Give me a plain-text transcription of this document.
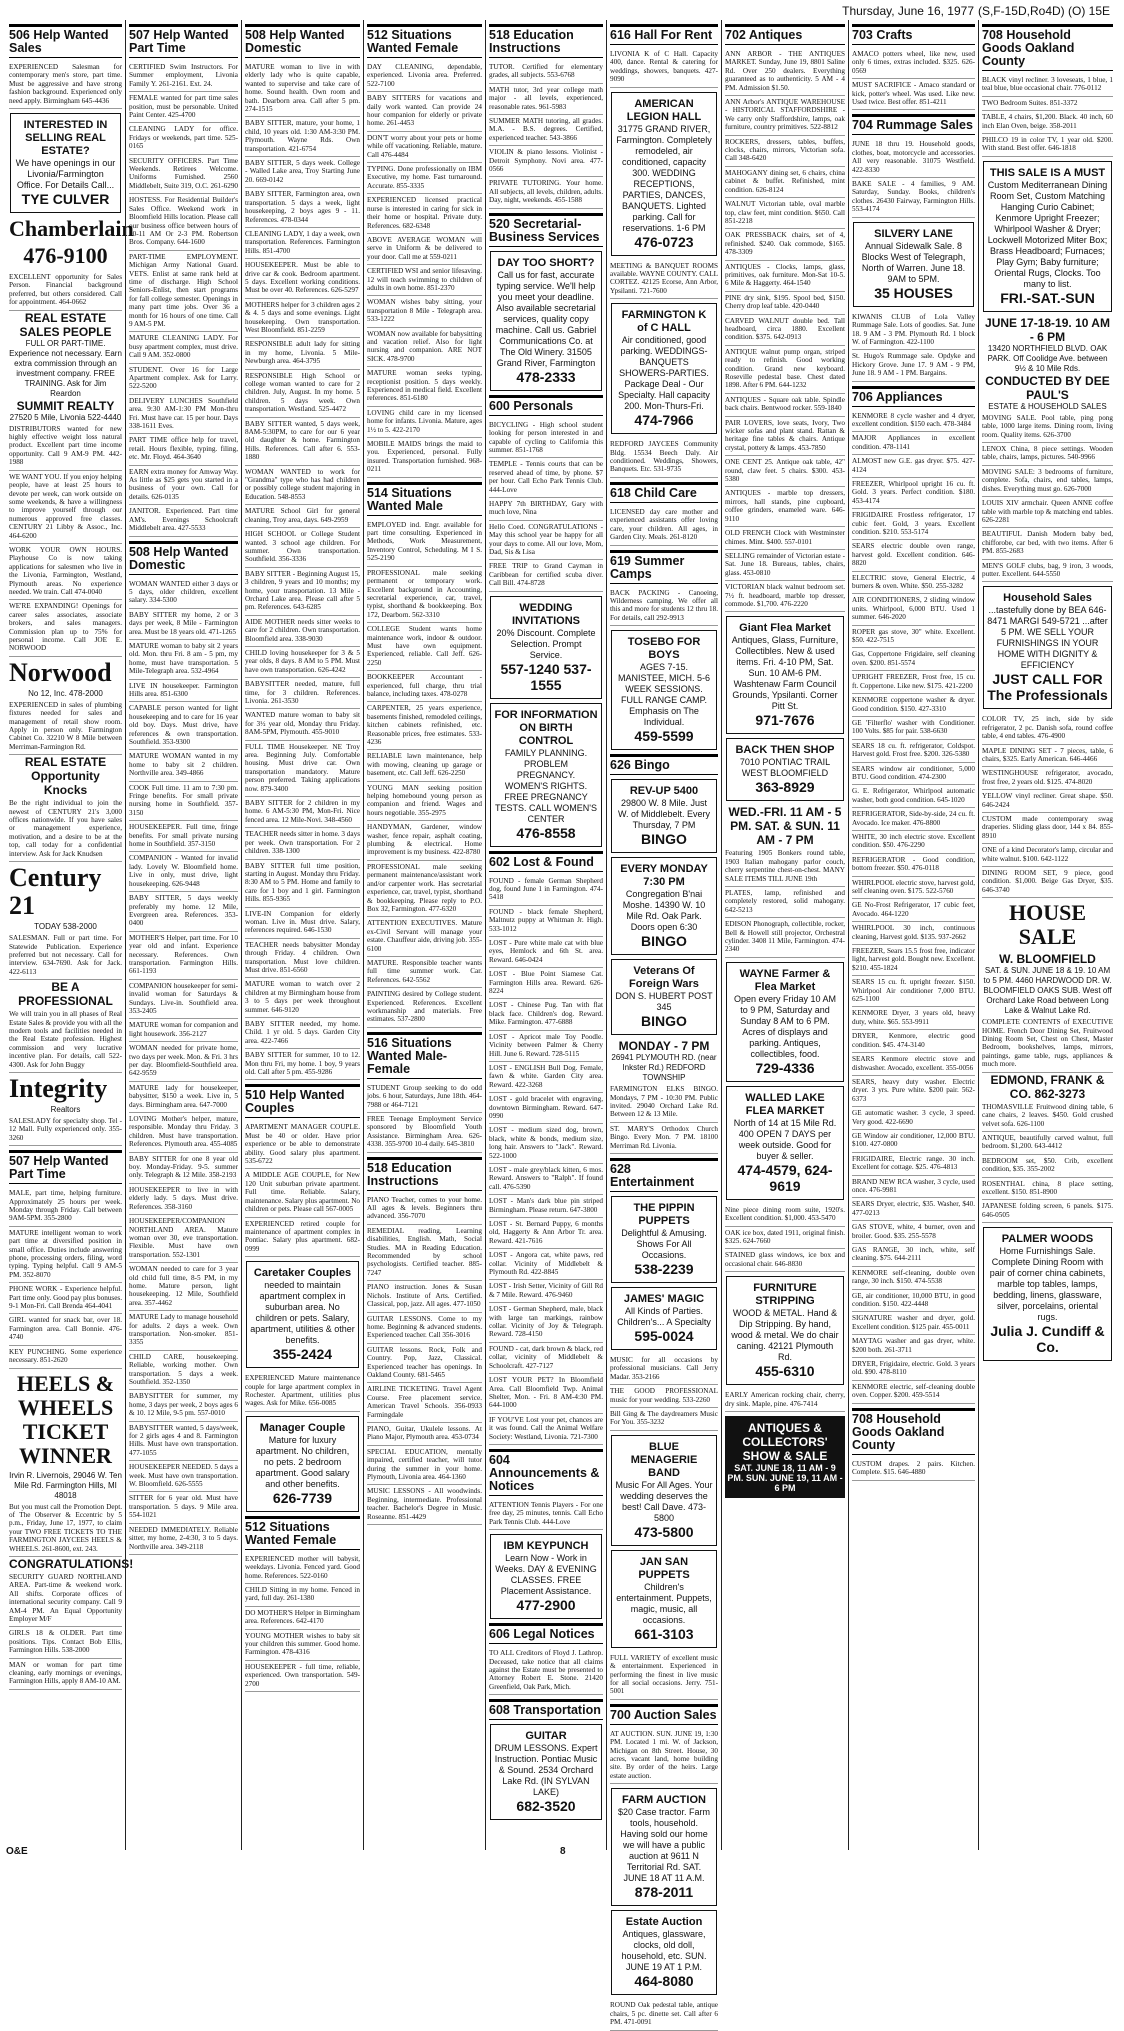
Thursday, June 16, 1977 (S,F-15D,Ro4D) (O) 15E
506 Help Wanted Sales
EXPERIENCED Salesman for contemporary men's store, part time. Must be aggressive and have strong fashion background. Experienced only need apply. Birmingham 645-4436
INTERESTED IN SELLING REAL ESTATE?
We have openings in our Livonia/Farmington Office. For Details Call...
TYE CULVER
Chamberlain
476-9100
EXCELLENT opportunity for Sales Person. Financial background preferred, but others considered. Call for appointment. 464-0662
REAL ESTATE SALES PEOPLE
FULL OR PART-TIME. Experience not necessary. Earn extra commission through an investment company. FREE TRAINING. Ask for Jim Reardon
SUMMIT REALTY
27520 5 Mile, Livonia 522-4440
DISTRIBUTORS wanted for new highly effective weight loss natural product. Excellent part time income opportunity. Call 9 AM-9 PM. 442-1988
WE WANT YOU. If you enjoy helping people, have at least 25 hours to devote per week, can work outside on some weekends, & have a willingness to improve yourself through our numerous approved free classes. CENTURY 21 Libby & Assoc., Inc. 464-6200
WORK YOUR OWN HOURS. Playhouse Co is now taking applications for salesmen who live in the Livonia, Farmington, Westland, Plymouth areas. No experience needed. We train. Call 474-0040
WE'RE EXPANDING! Openings for career sales associates, associate brokers, and sales managers. Commission plan up to 75% for personal income. Call JOE E. NORWOOD
Norwood
No 12, Inc. 478-2000
EXPERIENCED in sales of plumbing fixtures needed for sales and management of retail show room. Apply in person only. Farmington Cabinet Co. 32210 W 8 Mile between Merriman-Farmington Rd.
REAL ESTATE Opportunity Knocks
Be the right individual to join the newest of CENTURY 21's 3,000 offices nationwide. If you have sales or management experience, motivation, and a desire to be at the top, call today for a confidential interview. Ask for Jack Knudsen
Century 21
TODAY 538-2000
SALESMAN. Full or part time. For Statewide Publication. Experience preferred but not necessary. Call for interview. 634-7690. Ask for Jack. 422-6113
BE A PROFESSIONAL
We will train you in all phases of Real Estate Sales & provide you with all the modern tools and facilities needed in the Real Estate profession. Highest commission and very lucrative incentive plan. For details, call 522-4300. Ask for John Buggy
Integrity
Realtors
SALESLADY for specialty shop. Tel - 12 Mall. Fully experienced only. 355-3260
507 Help Wanted Part Time
MALE, part time, helping furniture. Approximately 25 hours per week. Monday through Friday. Call between 9AM-5PM. 355-2800
MATURE intelligent woman to work part time at diversified position in small office. Duties include answering phone, processing orders, filing, word typing. Typing helpful. Call 9 AM-5 PM. 352-8070
PHONE WORK - Experience helpful. Part time only. Good pay plus bonuses. 9-1 Mon-Fri. Call Brenda 464-4041
GIRL wanted for snack bar, over 18. Farmington area. Call Bonnie. 476-4740
KEY PUNCHING. Some experience necessary. 851-2620
HEELS & WHEELS TICKET WINNER
Irvin R. Livernois, 29046 W. Ten Mile Rd. Farmington Hills, MI 48018
But you must call the Promotion Dept. of The Observer & Eccentric by 5 p.m., Friday, June 17, 1977, to claim your TWO FREE TICKETS TO THE FARMINGTON JAYCEES HEELS & WHEELS. 261-8600, ext. 243.
CONGRATULATIONS!
SECURITY GUARD NORTHLAND AREA. Part-time & weekend work. All shifts. Corporate offices of international security company. Call 9 AM-4 PM. An Equal Opportunity Employer M/F
GIRLS 18 & OLDER. Part time positions. Tips. Contact Bob Ellis, Farmington Hills. 538-2000
MAN or woman for part time cleaning, early mornings or evenings, Farmington Hills, apply 8 AM-10 AM.
507 Help Wanted Part Time
CERTIFIED Swim Instructors. For Summer employment, Livonia Family Y. 261-2161. Ext. 24.
FEMALE wanted for part time sales position, must be personable. United Paint Center. 425-4700
CLEANING LADY for office. Fridays or weekends, part time. 525-0165
SECURITY OFFICERS. Part Time Weekends. Retirees Welcome. Uniforms Furnished. 2560 Middlebelt, Suite 319, O.C. 261-6290
HOSTESS. For Residential Builder's Sales Office. Weekend work in Bloomfield Hills location. Please call our business office between hours of 10-11 AM Or 2-3 PM. Robertson Bros. Company. 644-1600
PART-TIME EMPLOYMENT. Michigan Army National Guard. VETS. Enlist at same rank held at time of discharge. High School Seniors-Enlist, then start programs for fall college semester. Openings in many part time jobs. Over 36 a month for 16 hours of one time. Call 9 AM-5 PM.
MATURE CLEANING LADY. For busy apartment complex, must drive. Call 9 AM. 352-0800
STUDENT. Over 16 for Large Apartment complex. Ask for Larry. 522-5200
DELIVERY LUNCHES Southfield area. 9:30 AM-1:30 PM Mon-thru Fri. Must have car. 15 per hour. Days 338-1611 Eves.
PART TIME office help for travel, retail. Hours flexible, typing. filing, etc. Mr. Floyd. 464-3640
EARN extra money for Amway Way. As little as $25 gets you started in a business of your own. Call for details. 626-0135
JANITOR. Experienced. Part time AM's. Evenings Schoolcraft Middlebelt area. 427-5533
508 Help Wanted Domestic
WOMAN WANTED either 3 days or 5 days, older children, excellent salary. 334-5300
BABY SITTER my home, 2 or 3 days per week, 8 Mile - Farmington area. Must be 18 years old. 471-1265
MATURE woman to baby sit 2 years old. Mon. thru Fri. 8 am - 5 pm, my home, must have transportation. 5 Mile-Telegraph area. 532-4964
LIVE IN housekeeper. Farmington Hills area. 851-6300
CAPABLE person wanted for light housekeeping and to care for 16 year old boy. Days. Must drive, have references & own transportation. Southfield. 353-9300
MATURE WOMAN wanted in my home to baby sit 2 children. Northville area. 349-4866
COOK Full time. 11 am to 7:30 pm. Fringe benefits. For small private nursing home in Southfield. 357-3150
HOUSEKEEPER. Full time, fringe benefits. For small private nursing home in Southfield. 357-3150
COMPANION - Wanted for invalid lady. Lovely W. Bloomfield home. Live in only, must drive, light housekeeping. 626-9448
BABY SITTER, 5 days weekly preferably my home. 12 Mile, Evergreen area. References. 353-0400
MOTHER'S Helper, part time. For 10 year old and infant. Experience necessary. References. Own transportation. Farmington Hills. 661-1193
COMPANION housekeeper for semi-invalid woman for Saturdays & Sundays. Live-in. Southfield area. 353-2405
MATURE woman for companion and light housework. 356-2127
WOMAN needed for private home, two days per week. Mon. & Fri. 3 hrs per day. Bloomfield-Southfield area. 642-9559
MATURE lady for housekeeper, babysitter, $150 a week. Live in, 5 days. Birmingham area. 647-7000
LOVING Mother's helper, mature, responsible. Monday thru Friday. 3 children. Must have transportation. References. Plymouth area. 455-4085
BABY SITTER for one 8 year old boy. Monday-Friday. 9-5. summer only. Telegraph & 12 Mile. 358-2193
HOUSEKEEPER to live in with elderly lady. 5 days. Must drive. References. 358-3160
HOUSEKEEPER/COMPANION NORTHLAND AREA. Mature woman over 30, eve transportation. Flexible. Must have own transportation. 552-1301
WOMAN needed to care for 3 year old child full time, 8-5 PM, in my home. Mature person, light housekeeping. 12 Mile, Southfield area. 357-4462
MATURE Lady to manage household for adults. 2 days a week. Own transportation. Non-smoker. 851-3355
CHILD CARE, housekeeping. Reliable, working mother. Own transportation. 5 days a week. Southfield. 352-1350
BABYSITTER for summer, my home, 3 days per week, 2 boys ages 6 & 10. 12 Mile, 9-5 pm. 557-0010
BABYSITTER wanted, 5 days/week, for 2 girls ages 4 and 8. Farmington Hills. Must have own transportation. 477-1055
HOUSEKEEPER NEEDED. 5 days a week. Must have own transportation. W. Bloomfield. 626-5555
SITTER for 6 year old. Must have transportation. 5 days. 9 Mile area. 554-1021
NEEDED IMMEDIATELY. Reliable sitter, my home, 2-4:30, 3 to 5 days. Northville area. 349-2118
508 Help Wanted Domestic
MATURE woman to live in with elderly lady who is quite capable, wanted to supervise and take care of home. Sound health. Own room and bath. Dearborn area. Call after 5 pm. 274-1515
BABY SITTER, mature, your home, 1 child, 10 years old. 1:30 AM-3:30 PM. Plymouth. Wayne Rds. Own transportation. 421-6754
BABY SITTER, 5 days week. College - Walled Lake area, Troy Starting June 20. 669-0142
BABY SITTER, Farmington area, own transportation. 5 days a week, light housekeeping, 2 boys ages 9 - 11. References. 478-0344
CLEANING LADY, 1 day a week, own transportation. References. Farmington Hills. 851-4700
HOUSEKEEPER. Must be able to drive car & cook. Bedroom apartment. 5 days. Excellent working conditions. Must be over 40. References. 626-5297
MOTHERS helper for 3 children ages 2 & 4. 5 days and some evenings. Light housekeeping. Own transportation. West Bloomfield. 851-2259
RESPONSIBLE adult lady for sitting in my home, Livonia. 5 Mile-Newburgh area. 464-3795
RESPONSIBLE High School or college woman wanted to care for 2 children. July, August. In my home. 5 children. 5 days week. Own transportation. Westland. 525-4472
BABY SITTER wanted, 5 days week, 8AM-5:30PM, to care for our 6 year old daughter & home. Farmington Hills. References. Call after 6. 553-1880
WOMAN WANTED to work for "Grandma" type who has had children or possibly college student majoring in Education. 548-8553
MATURE School Girl for general cleaning, Troy area, days. 649-2959
HIGH SCHOOL or College Student wanted. 3 school age children. For summer. Own transportation. Southfield. 356-3336
BABY SITTER - Beginning August 15, 3 children, 9 years and 10 months; my home, your transportation. 13 Mile - Orchard Lake area. Please call after 5 pm. References. 643-6285
AIDE MOTHER needs sitter weeks to care for 2 children. Own transportation. Bloomfield area. 338-9030
CHILD loving housekeeper for 3 & 5 year olds, 8 days. 8 AM to 5 PM. Must have own transportation. 626-4242
BABYSITTER needed, mature, full time, for 3 children. References. Livonia. 261-3530
WANTED mature woman to baby sit for 3½ year old, Monday thru Friday. 8AM-5PM, Plymouth. 455-9010
FULL TIME Housekeeper. NE Troy area. Beginning July. Comfortable housing. Must drive car. Own transportation mandatory. Mature person preferred. Taking applications now. 879-3400
BABY SITTER for 2 children in my home. 6 AM-5:30 PM, Mon-Fri. Nice fenced area. 12 Mile-Novi. 348-4560
TEACHER needs sitter in home. 3 days per week. Own transportation. For 2 children. 338-1300
BABY SITTER full time position, starting in August. Monday thru Friday. 8:30 AM to 5 PM. Home and family to care for 1 boy and 1 girl. Farmington Hills. 855-9365
LIVE-IN Companion for elderly woman. Live in. Must drive. Salary, references required. 646-1530
TEACHER needs babysitter Monday through Friday. 4 children. Own transportation. Must love children. Must drive. 851-6560
MATURE woman to watch over 2 children at my Birmingham house from 3 to 5 days per week throughout summer. 646-9120
BABY SITTER needed, my home. Child. 1 yr old. 5 days. Garden City area. 422-7466
BABY SITTER for summer, 10 to 12. Mon thru Fri, my home. 1 boy, 9 years old. Call after 5 pm. 455-9286
510 Help Wanted Couples
APARTMENT MANAGER COUPLE. Must be 40 or older. Have prior experience or be able to demonstrate ability. Good salary plus apartment. 535-6722
A MIDDLE AGE COUPLE, for New 120 Unit suburban private apartment. Full time. Reliable. Salary, maintenance. Salary plus apartment. No children or pets. Please call 567-0005
EXPERIENCED retired couple for maintenance of apartment complex in Pontiac. Salary plus apartment. 682-0999
Caretaker Couples
needed to maintain apartment complex in suburban area. No children or pets. Salary, apartment, utilities & other benefits.
355-2424
EXPERIENCED Mature maintenance couple for large apartment complex in Rochester. Apartment, utilities plus wages. Ask for Mike. 656-0085
Manager Couple
Mature for luxury apartment. No children, no pets. 2 bedroom apartment. Good salary and other benefits.
626-7739
512 Situations Wanted Female
EXPERIENCED mother will babysit, weekdays. Livonia. Fenced yard. Good home. References. 522-0160
CHILD Sitting in my home. Fenced in yard, full day. 261-1380
DO MOTHER'S Helper in Birmingham area. References. 642-4170
YOUNG MOTHER wishes to baby sit your children this summer. Good home. Farmington. 478-4316
HOUSEKEEPER - full time, reliable, experienced. Own transportation. 549-2700
512 Situations Wanted Female
DAY CLEANING, dependable, experienced. Livonia area. Preferred. 522-7100
BABY SITTERS for vacations and daily work wanted. Can provide 24 hour companion for elderly or private home. 261-4453
DON'T worry about your pets or home while off vacationing. Reliable, mature. Call 476-4484
TYPING. Done professionally on IBM Executive, my home. Fast turnaround. Accurate. 855-3335
EXPERIENCED licensed practical nurse is interested in caring for sick in their home or hospital. Private duty. References. 682-6348
ABOVE AVERAGE WOMAN will serve in Uniform & be delivered to your door. Call me at 559-0211
CERTIFIED WSI and senior lifesaving. 12 will teach swimming to children of adults in own home. 851-2370
WOMAN wishes baby sitting, your transportation 8 Mile - Telegraph area. 533-1222
WOMAN now available for babysitting and vacation relief. Also for light nursing and companion. ARE NOT SICK. 478-9700
MATURE woman seeks typing, receptionist position. 5 days weekly. Experienced in medical field. Excellent references. 851-6180
LOVING child care in my licensed home for infants. Livonia. Mature, ages 1½ to 5. 422-2170
MOBILE MAIDS brings the maid to you. Experienced, personal. Fully insured. Transportation furnished. 968-0211
514 Situations Wanted Male
EMPLOYED ind. Engr. available for part time consulting. Experienced in Methods, Work Measurement, Inventory Control, Scheduling. M I S. 525-2190
PROFESSIONAL male seeking permanent or temporary work. Excellent background in Accounting, secretarial experience, car, travel, typist, shorthand & bookkeeping. Box 172, Dearborn. 562-3310
COLLEGE Student wants home maintenance work, indoor & outdoor. Must have own equipment. Experienced, reliable. Call Jeff. 626-2250
BOOKKEEPER Accountant - experienced, full charge, thru trial balance, including taxes. 478-0278
CARPENTER, 25 years experience, basements finished, remodeled ceilings, kitchen cabinets refinished, etc. Reasonable prices, free estimates. 533-4236
RELIABLE lawn maintenance, help with mowing, cleaning up garage or basement, etc. Call Jeff. 626-2250
YOUNG MAN seeking position helping homebound young person as companion and friend. Wages and hours negotiable. 355-2975
HANDYMAN, Gardener, window washer, fence repair, asphalt coating, plumbing & electrical. Home improvement is my business. 422-8780
PROFESSIONAL male seeking permanent maintenance/assistant work and/or carpenter work. Has secretarial experience, car, travel, typist, shorthand & bookkeeping. Please reply to P.O. Box 32, Farmington. 477-6320
ATTENTION EXECUTIVES. Mature ex-Civil Servant will manage your estate. Chauffeur aide, driving job. 355-6100
MATURE. Responsible teacher wants full time summer work. Car. References. 642-5562
PAINTING desired by College student. Experienced. References. Excellent workmanship and materials. Free estimates. 537-2800
516 Situations Wanted Male-Female
STUDENT Group seeking to do odd jobs. 6 hour, Saturdays, June 18th. 464-7988 or 464-7121
FREE Teenage Employment Service sponsored by Bloomfield Youth Assistance. Birmingham Area. 626-4338. 355-9700 10-4 daily. 645-3810
518 Education Instructions
PIANO Teacher, comes to your home. All ages & levels. Beginners thru advanced. 356-7070
REMEDIAL reading, Learning disabilities, English. Math, Social Studies. MA in Reading Education. Recommended by school psychologists. Certified teacher. 885-7247
PIANO instruction. Jones & Susan Nichols. Institute of Arts. Certified. Classical, pop, jazz. All ages. 477-1050
GUITAR LESSONS. Come to my home. Beginning & advanced students. Experienced teacher. Call 356-3016
GUITAR lessons. Rock, Folk and Country. Pop, Jazz, Classical. Experienced teacher has openings. In Oakland County. 681-5465
AIRLINE TICKETING. Travel Agent Course. Free placement service. American Travel Schools. 356-0933 Farmingdale
PIANO, Guitar, Ukulele lessons. At Piano Major, Plymouth area. 453-0734
SPECIAL EDUCATION, mentally impaired, certified teacher, will tutor during the summer in your home. Plymouth, Livonia area. 464-1360
MUSIC LESSONS - All woodwinds. Beginning, intermediate. Professional teacher. Bachelor's Degree in Music. Roseanne. 851-4429
518 Education Instructions
TUTOR. Certified for elementary grades, all subjects. 553-6768
MATH tutor, 3rd year college math major - all levels, experienced, reasonable rates. 961-5983
SUMMER MATH tutoring, all grades. M.A. - B.S. degrees. Certified, experienced teacher. 543-3866
VIOLIN & piano lessons. Violinist - Detroit Symphony. Novi area. 477-0566
PRIVATE TUTORING. Your home. All subjects, all levels, children, adults. Day, night, weekends. 455-1588
520 Secretarial-Business Services
DAY TOO SHORT?
Call us for fast, accurate typing service. We'll help you meet your deadline. Also available secretarial services, quality copy machine. Call us. Gabriel Communications Co. at The Old Winery. 31505 Grand River, Farmington
478-2333
600 Personals
BICYCLING - High school student looking for person interested in and capable of cycling to California this summer. 851-1768
TEMPLE - Tennis courts that can be reserved ahead of time, by phone. $7 per hour. Call Echo Park Tennis Club. 444-Love
HAPPY 7th BIRTHDAY, Gary with much love, Nina
Hello Coed. CONGRATULATIONS - May this school year be happy for all your days to come. All our love, Mom, Dad, Sis & Lisa
FREE TRIP to Grand Cayman in Caribbean for certified scuba diver. Call Bill. 474-8728
WEDDING INVITATIONS
20% Discount. Complete Selection. Prompt Service.
557-1240 537-1555
FOR INFORMATION ON BIRTH CONTROL
FAMILY PLANNING. PROBLEM PREGNANCY. WOMEN'S RIGHTS. FREE PREGNANCY TESTS. CALL WOMEN'S CENTER
476-8558
602 Lost & Found
FOUND - female German Shepherd dog, found June 1 in Farmington. 474-5418
FOUND - black female Shepherd, Maltnutz puppy at Whitman Jr. High. 533-1012
LOST - Pure white male cat with blue eyes, Hemlock and 6th St. area. Reward. 646-0424
LOST - Blue Point Siamese Cat. Farmington Hills area. Reward. 626-8224
LOST - Chinese Pug. Tan with flat black face. Children's dog. Reward. Mike. Farmington. 477-6888
LOST - Apricot male Toy Poodle. Vicinity between Palmer & Cherry Hill. June 6. Reward. 728-5115
LOST - ENGLISH Bull Dog. Female, fawn & white. Garden City area. Reward. 422-3268
LOST - gold bracelet with engraving, downtown Birmingham. Reward. 647-0990
LOST - medium sized dog, brown, black, white & bonds, medium size, long hair. Answers to "Jack". Reward. 522-1000
LOST - male grey/black kitten, 6 mos. Reward. Answers to "Ralph". If found call. 476-5390
LOST - Man's dark blue pin striped Birmingham. Please return. 647-3800
LOST - St. Bernard Puppy, 6 months old, Haggerty & Ann Arbor Tr. area. Reward. 421-7616
LOST - Angora cat, white paws, red collar. Vicinity of Middlebelt & Plymouth Rd. 422-8845
LOST - Irish Setter, Vicinity of Gill Rd & 7 Mile. Reward. 476-9460
LOST - German Shepherd, male, black with large tan markings, rainbow collar. Vicinity of Joy & Telegraph. Reward. 728-4150
FOUND - cat, dark brown & black, red collar, vicinity of Middlebelt & Schoolcraft. 427-7127
LOST YOUR PET? In Bloomfield Area. Call Bloomfield Twp. Animal Shelter, Mon. - Fri. 8 AM-4:30 PM. 644-1000
IF YOU'VE Lost your pet, chances are it was found. Call the Animal Welfare Society: Westland, Livonia. 721-7300
604 Announcements & Notices
ATTENTION Tennis Players - For one free day, 25 minutes, tennis. Call Echo Park Tennis Club. 444-Love
IBM KEYPUNCH
Learn Now - Work in Weeks. DAY & EVENING CLASSES. FREE Placement Assistance.
477-2900
606 Legal Notices
TO ALL Creditors of Floyd J. Lathrop. Deceased, take notice that all claims against the Estate must be presented to Attorney Robert E. Stone. 21420 Greenfield, Oak Park, Mich.
608 Transportation
GUITAR
DRUM LESSONS. Expert Instruction. Pontiac Music & Sound. 2534 Orchard Lake Rd. (IN SYLVAN LAKE)
682-3520
616 Hall For Rent
LIVONIA K of C Hall. Capacity 400, dance. Rental & catering for weddings, showers, banquets. 427-9090
AMERICAN LEGION HALL
31775 GRAND RIVER, Farmington. Completely remodeled, air conditioned, capacity 300. WEDDING RECEPTIONS, PARTIES, DANCES, BANQUETS. Lighted parking. Call for reservations. 1-6 PM
476-0723
MEETING & BANQUET ROOMS available. WAYNE COUNTY. CALL CORTEZ. 42125 Ecorse, Ann Arbor, Ypsilanti. 721-7600
FARMINGTON K of C HALL
Air conditioned, good parking. WEDDINGS-BANQUETS SHOWERS-PARTIES. Package Deal - Our Specialty. Hall capacity 200. Mon-Thurs-Fri.
474-7966
REDFORD JAYCEES Community Bldg. 15534 Beech Daly. Air conditioned. Weddings, Showers, Banquets. Etc. 531-9735
618 Child Care
LICENSED day care mother and experienced assistants offer loving care, your children. All ages, in Garden City. Meals. 261-8120
619 Summer Camps
BACK PACKING - Canoeing, Wilderness camping. We offer all this and more for students 12 thru 18. For details, call 292-9913
TOSEBO FOR BOYS
AGES 7-15. MANISTEE, MICH. 5-6 WEEK SESSIONS. FULL RANGE CAMP. Emphasis on The Individual.
459-5599
626 Bingo
REV-UP 5400
29800 W. 8 Mile. Just W. of Middlebelt. Every Thursday, 7 PM
BINGO
EVERY MONDAY 7:30 PM
Congregation B'nai Moshe. 14390 W. 10 Mile Rd. Oak Park. Doors open 6:30
BINGO
Veterans Of Foreign Wars
DON S. HUBERT POST 345
BINGO
MONDAY - 7 PM
26941 PLYMOUTH RD. (near Inkster Rd.) REDFORD TOWNSHIP
FARMINGTON ELKS BINGO. Mondays, 7 PM - 10:30 PM. Public invited. 29040 Orchard Lake Rd. Between 12 & 13 Mile.
ST. MARY'S Orthodox Church Bingo. Every Mon. 7 PM. 18100 Merriman Rd. Livonia.
628 Entertainment
THE PIPPIN PUPPETS
Delightful & Amusing. Shows For All Occasions.
538-2239
JAMES' MAGIC
All Kinds of Parties. Children's... A Specialty
595-0024
MUSIC for all occasions by professional musicians. Call Jerry Madar. 353-2166
THE GOOD PROFESSIONAL music for your wedding. 533-2260
Bill Ging & The daydreamers Music For You. 355-3232
BLUE MENAGERIE BAND
Music For All Ages. Your wedding deserves the best! Call Dave. 473-5800
473-5800
JAN SAN PUPPETS
Children's entertainment. Puppets, magic, music, all occasions.
661-3103
FULL VARIETY of excellent music & entertainment. Experienced in performing the finest in live music for all social occasions. Jerry. 751-5001
700 Auction Sales
AT AUCTION. SUN. JUNE 19, 1:30 PM. Located 1 mi. W. of Jackson, Michigan on 8th Street. House, 30 acres, vacant land, home building site. By order of the heirs. Large estate auction.
FARM AUCTION
$20 Case tractor. Farm tools, household. Having sold our home we will have a public auction at 9611 N Territorial Rd. SAT. JUNE 18 AT 11 A.M.
878-2011
Estate Auction
Antiques, glassware, clocks, old doll, household, etc. SUN. JUNE 19 AT 1 P.M.
464-8080
ROUND Oak pedestal table, antique chairs, 5 pc. dinette set. Call after 6 PM. 471-0091
702 Antiques
ANN ARBOR - THE ANTIQUES MARKET. Sunday, June 19, 8801 Saline Rd. Over 250 dealers. Everything guaranteed as to authenticity. 5 AM - 4 PM. Admission $1.50.
ANN Arbor's ANTIQUE WAREHOUSE - HISTORICAL STAFFORDSHIRE - We carry only Staffordshire, lamps, oak furniture, country primitives. 522-8812
ROCKERS, dressers, tables, buffets, clocks, chairs, mirrors, Victorian sofa. Call 348-6420
MAHOGANY dining set, 6 chairs, china cabinet & buffet. Refinished, mint condition. 626-8124
WALNUT Victorian table, oval marble top, claw feet, mint condition. $650. Call 851-2218
OAK PRESSBACK chairs, set of 4, refinished. $240. Oak commode, $165. 478-3309
ANTIQUES - Clocks, lamps, glass, primitives, oak furniture. Mon-Sat 10-5. 6 Mile & Haggerty. 464-1540
PINE dry sink, $195. Spool bed, $150. Cherry drop leaf table. 420-0440
CARVED WALNUT double bed. Tall headboard, circa 1880. Excellent condition. $375. 642-0913
ANTIQUE walnut pump organ, striped ready to refinish. Good working condition. Grand new keyboard. Roseville pedestal base. Chest dated 1898. After 6 PM. 644-1232
ANTIQUES - Square oak table. Spindle back chairs. Bentwood rocker. 559-1840
PAIR LOVERS, love seats, Ivory, Two wicker sofas and plant stand. Rattan & heritage fine tables & chairs. Antique crystal, pottery & lamps. 453-7850
ONE CENT 25. Antique oak table, 42" round, claw feet. 5 chairs. $300. 453-5380
ANTIQUES - marble top dressers, mirrors, hall stands, pine cupboard, coffee grinders, enameled ware. 646-9110
OLD FRENCH Clock with Westminster chimes. Mint. $400. 557-0101
SELLING remainder of Victorian estate - Sat. June 18. Bureaus, tables, chairs, glass. 453-0810
VICTORIAN black walnut bedroom set. 7½ ft. headboard, marble top dresser, commode. $1,700. 476-2220
Giant Flea Market
Antiques, Glass, Furniture, Collectibles. New & used items. Fri. 4-10 PM, Sat. Sun. 10 AM-6 PM. Washtenaw Farm Council Grounds, Ypsilanti. Corner Pitt St.
971-7676
BACK THEN SHOP
7010 PONTIAC TRAIL WEST BLOOMFIELD
363-8929
WED.-FRI. 11 AM - 5 PM. SAT. & SUN. 11 AM - 7 PM
Featuring 1905 Bonkers round table, 1903 Italian mahogany parlor couch, cherry serpentine chest-on-chest. MANY SALE ITEMS TILL JUNE 19th
PLATES, lamp, refinished and completely restored, solid mahogany. 642-5213
EDISON Phonograph, collectible, rocker, Bell & Howell still projector, Orchestral cylinder. 3408 11 Mile, Farmington. 474-2340
WAYNE Farmer & Flea Market
Open every Friday 10 AM to 9 PM, Saturday and Sunday 8 AM to 6 PM. Acres of displays and parking. Antiques, collectibles, food.
729-4336
WALLED LAKE FLEA MARKET
North of 14 at 15 Mile Rd. 400 OPEN 7 DAYS per week outside. Good for buyer & seller.
474-4579, 624-9619
Nine piece dining room suite, 1920's. Excellent condition. $1,000. 453-5470
OAK ice box, dated 1911, original finish. $325. 624-7660
STAINED glass windows, ice box and occasional chair. 646-8830
FURNITURE STRIPPING
WOOD & METAL. Hand & Dip Stripping. By hand, wood & metal. We do chair caning. 42121 Plymouth Rd.
455-6310
EARLY American rocking chair, cherry, dry sink. Maple, pine. 476-7414
ANTIQUES & COLLECTORS' SHOW & SALE
SAT. JUNE 18, 11 AM - 9 PM. SUN. JUNE 19, 11 AM - 6 PM
703 Crafts
AMACO potters wheel, like new, used only 6 times, extras included. $325. 626-0569
MUST SACRIFICE - Amaco standard or kick, potter's wheel. Was used. Like new. Used twice. Best offer. 851-4211
704 Rummage Sales
JUNE 18 thru 19. Household goods, clothes, boat, motorcycle and accessories. All very reasonable. 31075 Westfield. 422-8330
BAKE SALE - 4 families, 9 AM. Saturday, Sunday. Books, children's clothes. 26430 Fairway, Farmington Hills. 553-4174
SILVERY LANE
Annual Sidewalk Sale. 8 Blocks West of Telegraph, North of Warren. June 18. 9AM to 5PM.
35 HOUSES
KIWANIS CLUB of Lola Valley Rummage Sale. Lots of goodies. Sat. June 18. 9 AM - 3 PM. Plymouth Rd. 1 block W. of Farmington. 422-1100
St. Hugo's Rummage sale. Opdyke and Hickory Grove. June 17. 9 AM - 9 PM, June 18. 9 AM - 1 PM. Bargains.
706 Appliances
KENMORE 8 cycle washer and 4 dryer, excellent condition. $150 each. 478-3484
MAJOR Appliances in excellent condition. 478-1141
ALMOST new G.E. gas dryer. $75. 427-4124
FREEZER, Whirlpool upright 16 cu. ft. Gold. 3 years. Perfect condition. $180. 453-4174
FRIGIDAIRE Frostless refrigerator, 17 cubic feet. Gold, 3 years. Excellent condition. $210. 553-5174
SEARS electric double oven range, harvest gold. Excellent condition. 646-8820
ELECTRIC stove, General Electric, 4 burners & oven. White. $50. 255-3282
AIR CONDITIONERS, 2 sliding window units. Whirlpool, 6,000 BTU. Used 1 summer. 646-2020
ROPER gas stove, 30" white. Excellent. $50. 422-7515
Gas, Coppertone Frigidaire, self cleaning oven. $200. 851-5574
UPRIGHT FREEZER, Frost free, 15 cu. ft. Coppertone. Like new. $175. 421-2200
KENMORE coppertone washer & dryer. Good condition. $150. 427-3310
GE 'Filterflo' washer with Conditioner. 100 Volts. $85 for pair. 538-6630
SEARS 18 cu. ft. refrigerator, Coldspot. Harvest gold. Frost free. $200. 326-5380
SEARS window air conditioner, 5,000 BTU. Good condition. 474-2300
G. E. Refrigerator, Whirlpool automatic washer, both good condition. 645-1020
REFRIGERATOR, Side-by-side, 24 cu. ft. Avocado. Ice maker. 476-8800
WHITE, 30 inch electric stove. Excellent condition. $50. 476-2290
REFRIGERATOR - Good condition, bottom freezer. $50. 476-0118
WHIRLPOOL electric stove, harvest gold, self cleaning oven. $175. 522-5760
GE No-Frost Refrigerator, 17 cubic feet, Avocado. 464-1220
WHIRLPOOL 30 inch, continuous cleaning, Harvest gold. $135. 937-2662
FREEZER, Sears 15.5 frost free, indicator light, harvest gold. Bought new. Excellent. $210. 455-1824
SEARS 15 cu. ft. upright freezer. $150. Whirlpool Air conditioner 7,000 BTU. 625-1100
KENMORE Dryer, 3 years old, heavy duty, white. $65. 553-9911
DRYER, Kenmore, electric good condition. $45. 474-3140
SEARS Kenmore electric stove and dishwasher. Avocado, excellent. 355-0056
SEARS, heavy duty washer. Electric dryer. 3 yrs. Pure white. $200 pair. 562-6373
GE automatic washer. 3 cycle, 3 speed. Very good. 422-6690
GE Window air conditioner, 12,000 BTU. $100. 427-0800
FRIGIDAIRE, Electric range. 30 inch. Excellent for cottage. $25. 476-4813
BRAND NEW RCA washer, 3 cycle, used once. 476-9981
SEARS Dryer, electric, $35. Washer, $40. 477-0213
GAS STOVE, white, 4 burner, oven and broiler. Good. $35. 255-5578
GAS RANGE, 30 inch, white, self cleaning. $75. 644-2111
KENMORE self-cleaning, double oven range, 30 inch. $150. 474-5538
GE, air conditioner, 10,000 BTU, in good condition. $150. 422-4448
SIGNATURE washer and dryer, gold. Excellent condition. $125 pair. 455-0011
MAYTAG washer and gas dryer, white. $200 both. 261-3711
DRYER, Frigidaire, electric. Gold. 3 years old. $90. 478-8110
KENMORE electric, self-cleaning double oven. Copper. $200. 459-5514
708 Household Goods Oakland County
CUSTOM drapes. 2 pairs. Kitchen. Complete. $15. 646-4880
708 Household Goods Oakland County
BLACK vinyl recliner. 3 loveseats, 1 blue, 1 teal blue, blue occasional chair. 776-0112
TWO Bedroom Suites. 851-3372
TABLE, 4 chairs, $1,200. Black. 40 inch, 60 inch Elan Oven, beige. 358-2011
PHILCO 19 in color TV, 1 year old. $200. With stand. Best offer. 646-1818
THIS SALE IS A MUST
Custom Mediterranean Dining Room Set, Custom Matching Hanging Curio Cabinet; Kenmore Upright Freezer; Whirlpool Washer & Dryer; Lockwell Motorized Miter Box; Brass Headboard; Furnaces; Play Gym; Baby furniture; Oriental Rugs, Clocks. Too many to list.
FRI.-SAT.-SUN
JUNE 17-18-19. 10 AM - 6 PM
13420 NORTHFIELD BLVD. OAK PARK. Off Coolidge Ave. between 9½ & 10 Mile Rds.
CONDUCTED BY DEE PAUL'S
ESTATE & HOUSEHOLD SALES
MOVING SALE. Pool table, ping pong table, 1000 large items. Dining room, living room. Quality items. 626-3700
LENOX China, 8 piece settings. Wooden table, chairs, lamps, pictures. 540-9966
MOVING SALE: 3 bedrooms of furniture, complete. Sofa, chairs, end tables, lamps, dishes. Everything must go. 626-7000
LOUIS XIV armchair. Queen ANNE coffee table with marble top & matching end tables. 626-2281
BEAUTIFUL Danish Modern baby bed, chifforobe, car bed, with two items. After 6 PM. 855-2683
MEN'S GOLF clubs, bag, 9 iron, 3 woods, putter. Excellent. 644-5550
Household Sales
...tastefully done by BEA 646-8471 MARGI 549-5721 ...after 5 PM. WE SELL YOUR FURNISHINGS IN YOUR HOME WITH DIGNITY & EFFICIENCY
JUST CALL FOR The Professionals
COLOR TV, 25 inch, side by side refrigerator, 2 pc. Danish sofa, round coffee table, 4 end tables. 476-4900
MAPLE DINING SET - 7 pieces, table, 6 chairs, $325. Early American. 646-4466
WESTINGHOUSE refrigerator, avocado, frost free, 2 years old. $125. 474-8020
YELLOW vinyl recliner. Great shape. $50. 646-2424
CUSTOM made contemporary swag draperies. Sliding glass door, 144 x 84. 855-8910
ONE of a kind Decorator's lamp, circular and white walnut. $100. 642-1122
DINING ROOM SET, 9 piece, good condition. $1,000. Beige Gas Dryer, $35. 646-3740
HOUSE SALE
W. BLOOMFIELD
SAT. & SUN. JUNE 18 & 19. 10 AM to 5 PM. 4460 HARDWOOD DR. W. BLOOMFIELD OAKS SUB. West off Orchard Lake Road between Long Lake & Walnut Lake Rd.
COMPLETE CONTENTS of EXECUTIVE HOME. French Door Dining Set, Fruitwood Dining Room Set, Chest on Chest, Master Bedroom, bookshelves, lamps, mirrors, paintings, game table, rugs, appliances & much more.
EDMOND, FRANK & CO. 862-3273
THOMASVILLE Fruitwood dining table, 6 cane chairs, 2 leaves. $450. Gold crushed velvet sofa. 626-1100
ANTIQUE, beautifully carved walnut, full bedroom. $1,200. 643-4412
BEDROOM set, $50. Crib, excellent condition, $35. 355-2002
ROSENTHAL china, 8 place setting, excellent. $150. 851-8900
JAPANESE folding screen, 6 panels. $175. 646-0505
PALMER WOODS
Home Furnishings Sale. Complete Dining Room with pair of corner china cabinets, marble top tables, lamps, bedding, linens, glassware, silver, porcelains, oriental rugs.
Julia J. Cundiff & Co.
O&E	8
